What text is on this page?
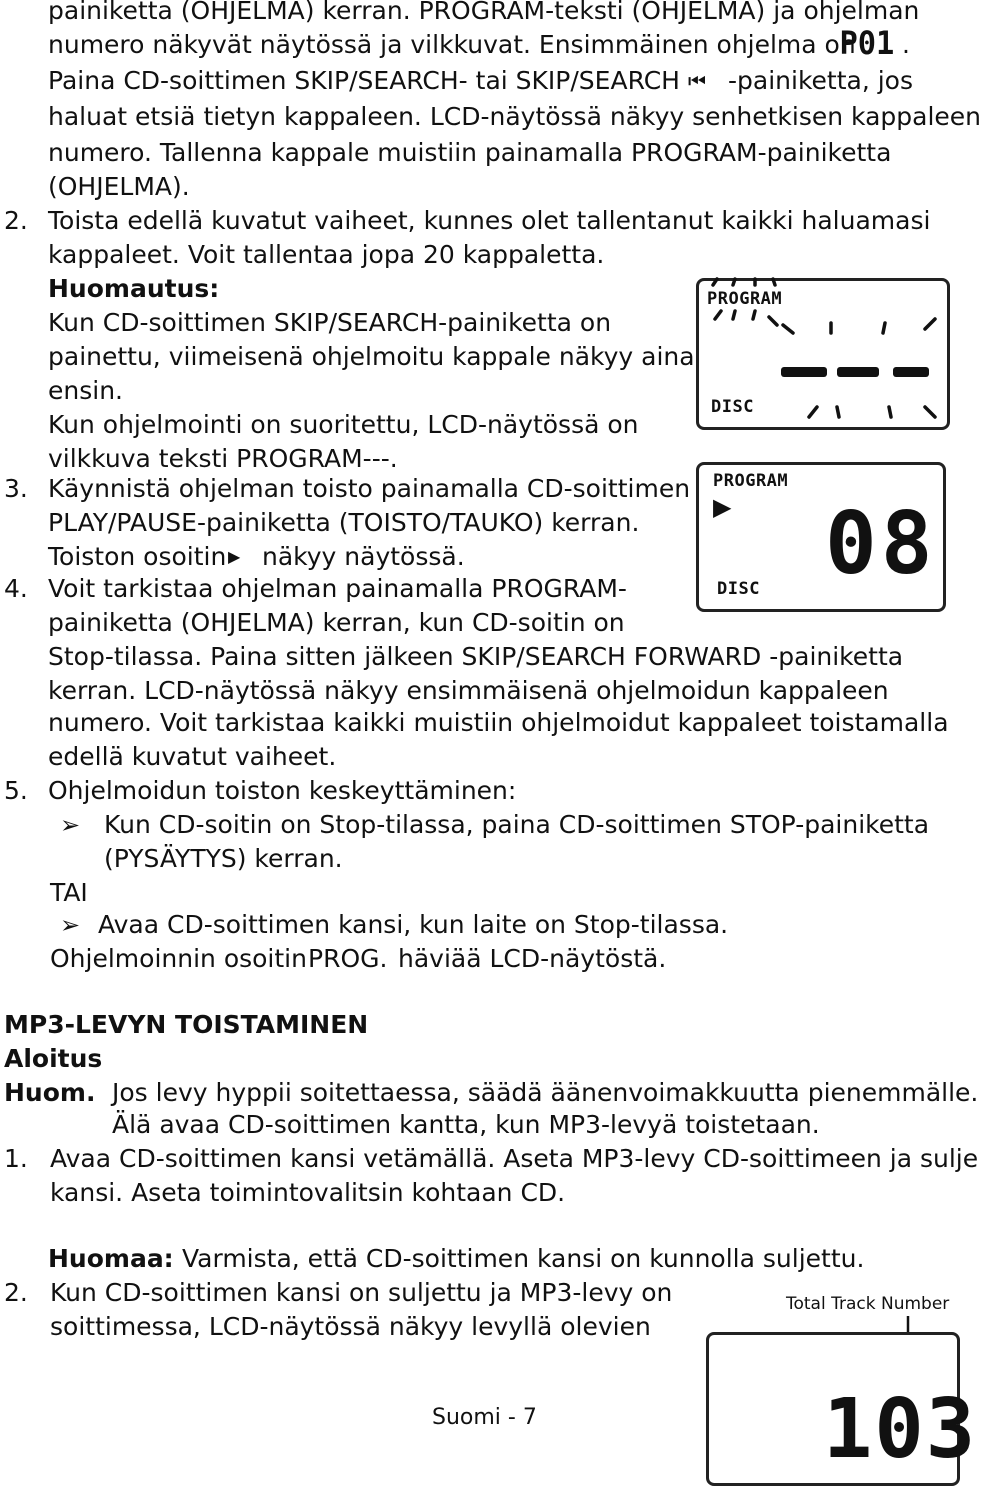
painiketta (OHJELMA) kerran. PROGRAM-teksti (OHJELMA) ja ohjelman
numero näkyvät näytössä ja vilkkuvat. Ensimmäinen ohjelma on
P01 .
Paina CD-soittimen SKIP/SEARCH- tai SKIP/SEARCH ⏮ -painiketta, jos
haluat etsiä tietyn kappaleen. LCD-näytössä näkyy senhetkisen kappaleen
numero. Tallenna kappale muistiin painamalla PROGRAM-painiketta
(OHJELMA).
2. Toista edellä kuvatut vaiheet, kunnes olet tallentanut kaikki haluamasi
kappaleet. Voit tallentaa jopa 20 kappaletta.
Huomautus:
Kun CD-soittimen SKIP/SEARCH-painiketta on
painettu, viimeisenä ohjelmoitu kappale näkyy aina
ensin.
Kun ohjelmointi on suoritettu, LCD-näytössä on
vilkkuva teksti PROGRAM---.
PROGRAM
DISC
3. Käynnistä ohjelman toisto painamalla CD-soittimen
PLAY/PAUSE-painiketta (TOISTO/TAUKO) kerran.
Toiston osoitin ▶ näkyy näytössä.
PROGRAM
▶ 08
DISC
4. Voit tarkistaa ohjelman painamalla PROGRAM-
painiketta (OHJELMA) kerran, kun CD-soitin on
Stop-tilassa. Paina sitten jälkeen SKIP/SEARCH FORWARD -painiketta
kerran. LCD-näytössä näkyy ensimmäisenä ohjelmoidun kappaleen
numero. Voit tarkistaa kaikki muistiin ohjelmoidut kappaleet toistamalla
edellä kuvatut vaiheet.
5. Ohjelmoidun toiston keskeyttäminen:
➢ Kun CD-soitin on Stop-tilassa, paina CD-soittimen STOP-painiketta
(PYSÄYTYS) kerran.
TAI
➢ Avaa CD-soittimen kansi, kun laite on Stop-tilassa.
Ohjelmoinnin osoitin PROG. häviää LCD-näytöstä.
MP3-LEVYN TOISTAMINEN
Aloitus
Huom. Jos levy hyppii soitettaessa, säädä äänenvoimakkuutta pienemmälle.
Älä avaa CD-soittimen kantta, kun MP3-levyä toistetaan.
1. Avaa CD-soittimen kansi vetämällä. Aseta MP3-levy CD-soittimeen ja sulje
kansi. Aseta toimintovalitsin kohtaan CD.
Huomaa: Varmista, että CD-soittimen kansi on kunnolla suljettu.
2. Kun CD-soittimen kansi on suljettu ja MP3-levy on
soittimessa, LCD-näytössä näkyy levyllä olevien
Total Track Number
103
Suomi - 7
